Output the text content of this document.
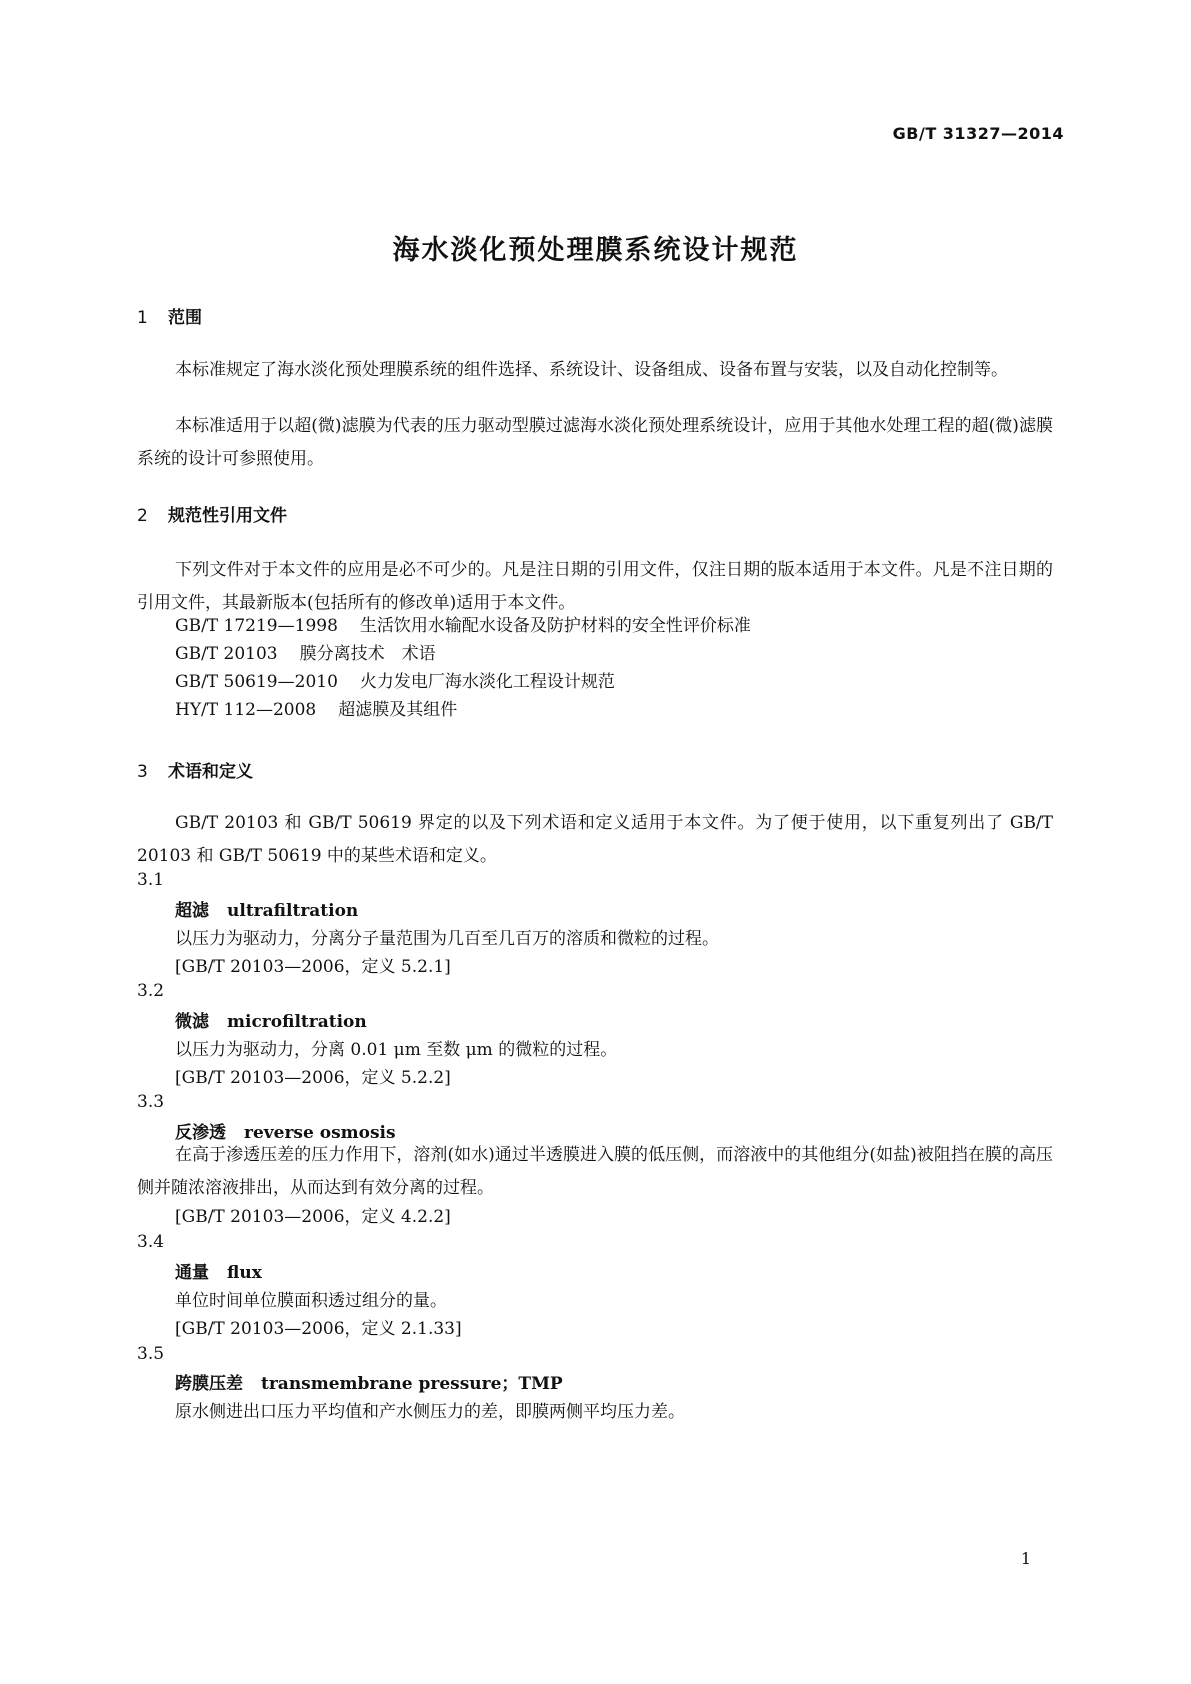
GB/T 31327—2014
海水淡化预处理膜系统设计规范
1 范围

本标准规定了海水淡化预处理膜系统的组件选择、系统设计、设备组成、设备布置与安装，以及自动化控制等。

本标准适用于以超(微)滤膜为代表的压力驱动型膜过滤海水淡化预处理系统设计，应用于其他水处理工程的超(微)滤膜系统的设计可参照使用。

2 规范性引用文件

下列文件对于本文件的应用是必不可少的。凡是注日期的引用文件，仅注日期的版本适用于本文件。凡是不注日期的引用文件，其最新版本(包括所有的修改单)适用于本文件。

GB/T 17219—1998 生活饮用水输配水设备及防护材料的安全性评价标准
GB/T 20103 膜分离技术　术语
GB/T 50619—2010 火力发电厂海水淡化工程设计规范
HY/T 112—2008 超滤膜及其组件
3 术语和定义

GB/T 20103 和 GB/T 50619 界定的以及下列术语和定义适用于本文件。为了便于使用，以下重复列出了 GB/T 20103 和 GB/T 50619 中的某些术语和定义。

3.1
超滤 ultrafiltration
以压力为驱动力，分离分子量范围为几百至几百万的溶质和微粒的过程。
[GB/T 20103—2006，定义 5.2.1]
3.2
微滤 microfiltration
以压力为驱动力，分离 0.01 μm 至数 μm 的微粒的过程。
[GB/T 20103—2006，定义 5.2.2]
3.3
反渗透 reverse osmosis

在高于渗透压差的压力作用下，溶剂(如水)通过半透膜进入膜的低压侧，而溶液中的其他组分(如盐)被阻挡在膜的高压侧并随浓溶液排出，从而达到有效分离的过程。

[GB/T 20103—2006，定义 4.2.2]
3.4
通量 flux
单位时间单位膜面积透过组分的量。
[GB/T 20103—2006，定义 2.1.33]
3.5
跨膜压差 transmembrane pressure；TMP
原水侧进出口压力平均值和产水侧压力的差，即膜两侧平均压力差。
1
